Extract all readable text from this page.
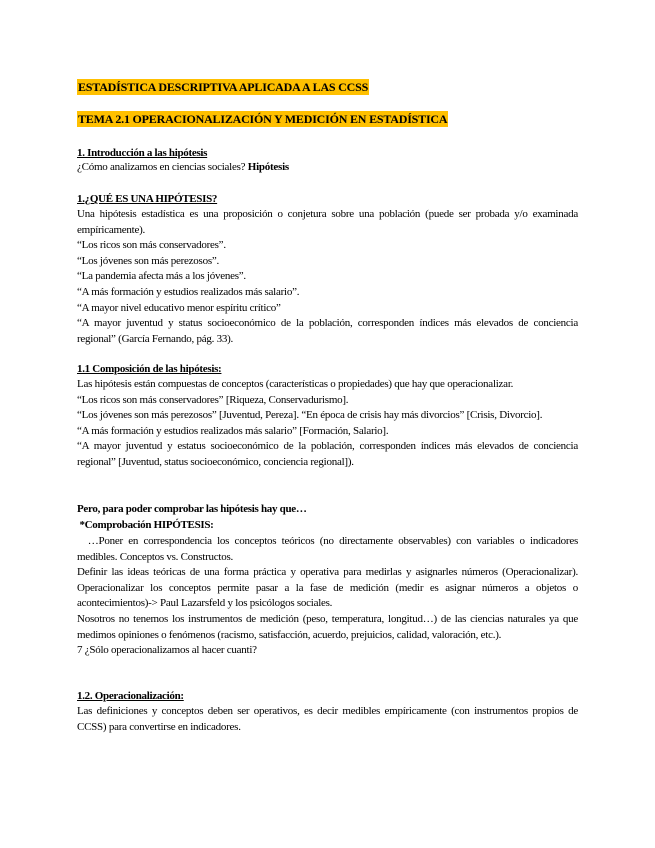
ESTADÍSTICA DESCRIPTIVA APLICADA A LAS CCSS
TEMA 2.1 OPERACIONALIZACIÓN Y MEDICIÓN EN ESTADÍSTICA
1. Introducción a las hipótesis

¿Cómo analizamos en ciencias sociales? Hipótesis

1.¿QUÉ ES UNA HIPÓTESIS?

Una hipótesis estadística es una proposición o conjetura sobre una población (puede ser probada y/o examinada empíricamente).

“Los ricos son más conservadores”.

“Los jóvenes son más perezosos”.

“La pandemia afecta más a los jóvenes”.

“A más formación y estudios realizados más salario”.

“A mayor nivel educativo menor espíritu crítico”

“A mayor juventud y status socioeconómico de la población, corresponden índices más elevados de conciencia regional” (García Fernando, pág. 33).

1.1 Composición de las hipótesis:

Las hipótesis están compuestas de conceptos (características o propiedades) que hay que operacionalizar.

“Los ricos son más conservadores” [Riqueza, Conservadurismo].

“Los jóvenes son más perezosos” [Juventud, Pereza]. “En época de crisis hay más divorcios” [Crisis, Divorcio].

“A más formación y estudios realizados más salario” [Formación, Salario].

“A mayor juventud y estatus socioeconómico de la población, corresponden índices más elevados de conciencia regional” [Juventud, status socioeconómico, conciencia regional]).

Pero, para poder comprobar las hipótesis hay que…
*Comprobación HIPÓTESIS:

…Poner en correspondencia los conceptos teóricos (no directamente observables) con variables o indicadores medibles. Conceptos vs. Constructos.

Definir las ideas teóricas de una forma práctica y operativa para medirlas y asignarles números (Operacionalizar). Operacionalizar los conceptos permite pasar a la fase de medición (medir es asignar números a objetos o acontecimientos)-> Paul Lazarsfeld y los psicólogos sociales.

Nosotros no tenemos los instrumentos de medición (peso, temperatura, longitud…) de las ciencias naturales ya que medimos opiniones o fenómenos (racismo, satisfacción, acuerdo, prejuicios, calidad, valoración, etc.).

7 ¿Sólo operacionalizamos al hacer cuanti?

1.2. Operacionalización:

Las definiciones y conceptos deben ser operativos, es decir medibles empíricamente (con instrumentos propios de CCSS) para convertirse en indicadores.
